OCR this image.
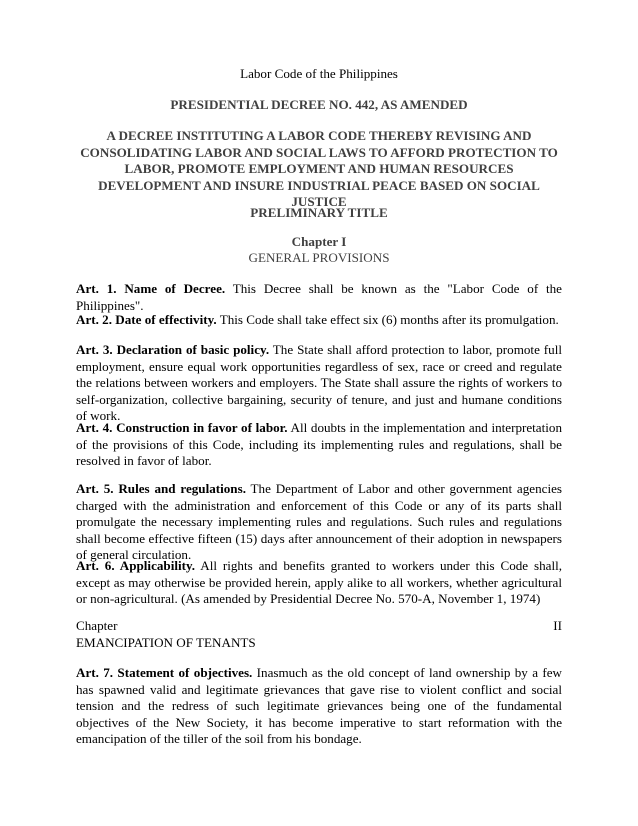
Labor Code of the Philippines
PRESIDENTIAL DECREE NO. 442, AS AMENDED
A DECREE INSTITUTING A LABOR CODE THEREBY REVISING AND CONSOLIDATING LABOR AND SOCIAL LAWS TO AFFORD PROTECTION TO LABOR, PROMOTE EMPLOYMENT AND HUMAN RESOURCES DEVELOPMENT AND INSURE INDUSTRIAL PEACE BASED ON SOCIAL JUSTICE
PRELIMINARY TITLE
Chapter I
GENERAL PROVISIONS
Art. 1. Name of Decree. This Decree shall be known as the "Labor Code of the Philippines".
Art. 2. Date of effectivity. This Code shall take effect six (6) months after its promulgation.
Art. 3. Declaration of basic policy. The State shall afford protection to labor, promote full employment, ensure equal work opportunities regardless of sex, race or creed and regulate the relations between workers and employers. The State shall assure the rights of workers to self-organization, collective bargaining, security of tenure, and just and humane conditions of work.
Art. 4. Construction in favor of labor. All doubts in the implementation and interpretation of the provisions of this Code, including its implementing rules and regulations, shall be resolved in favor of labor.
Art. 5. Rules and regulations. The Department of Labor and other government agencies charged with the administration and enforcement of this Code or any of its parts shall promulgate the necessary implementing rules and regulations. Such rules and regulations shall become effective fifteen (15) days after announcement of their adoption in newspapers of general circulation.
Art. 6. Applicability. All rights and benefits granted to workers under this Code shall, except as may otherwise be provided herein, apply alike to all workers, whether agricultural or non-agricultural. (As amended by Presidential Decree No. 570-A, November 1, 1974)
Chapter	II
EMANCIPATION OF TENANTS
Art. 7. Statement of objectives. Inasmuch as the old concept of land ownership by a few has spawned valid and legitimate grievances that gave rise to violent conflict and social tension and the redress of such legitimate grievances being one of the fundamental objectives of the New Society, it has become imperative to start reformation with the emancipation of the tiller of the soil from his bondage.
